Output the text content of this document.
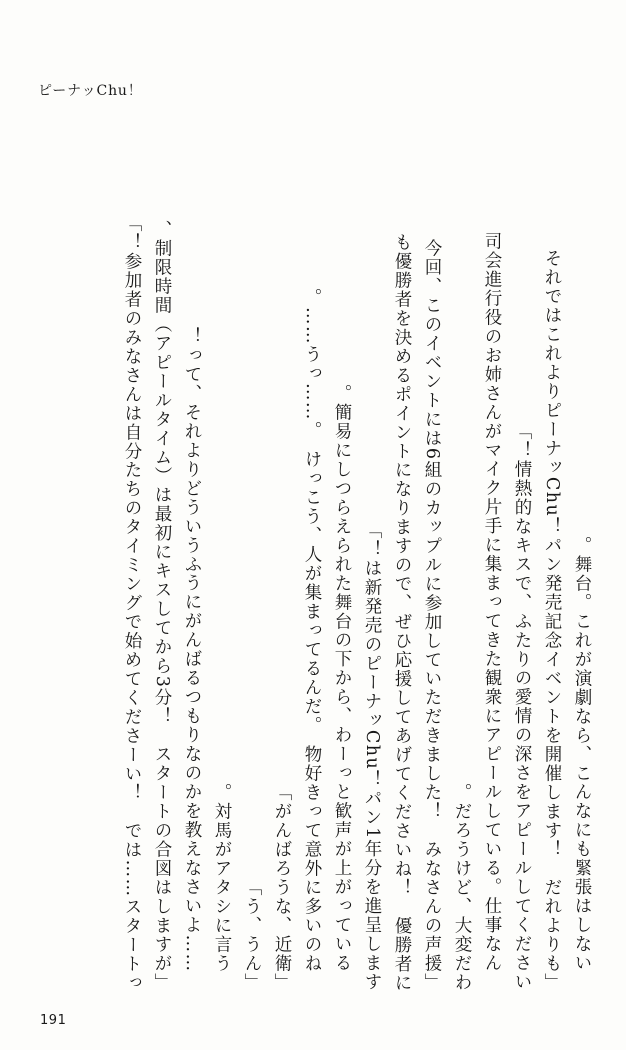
ピーナッChu！
　舞台。これが演劇なら、こんなにも緊張はしない。
「それではこれよりピーナッChu！パン発売記念イベントを開催します！　だれよりも
情熱的なキスで、ふたりの愛情の深さをアピールしてください！」
　司会進行役のお姉さんがマイク片手に集まってきた観衆にアピールしている。仕事なん
だろうけど、大変だわ。
「今回、このイベントには6組のカップルに参加していただきました！　みなさんの声援
も優勝者を決めるポイントになりますので、ぜひ応援してあげてくださいね！　優勝者に
は新発売のピーナッChu！パン1年分を進呈します！」
　簡易にしつらえられた舞台の下から、わーっと歓声が上がっている。
　うっ……。　けっこう、人が集まってるんだ。　物好きって意外に多いのね……。
「がんばろうな、近衛」
「う、うん」
　対馬がアタシに言う。
　……って、それよりどういうふうにがんばるつもりなのかを教えなさいよ！
「制限時間（アピールタイム）は最初にキスしてから3分！　スタートの合図はしますが、
参加者のみなさんは自分たちのタイミングで始めてくださーい！　では……スタートっ！」
191
